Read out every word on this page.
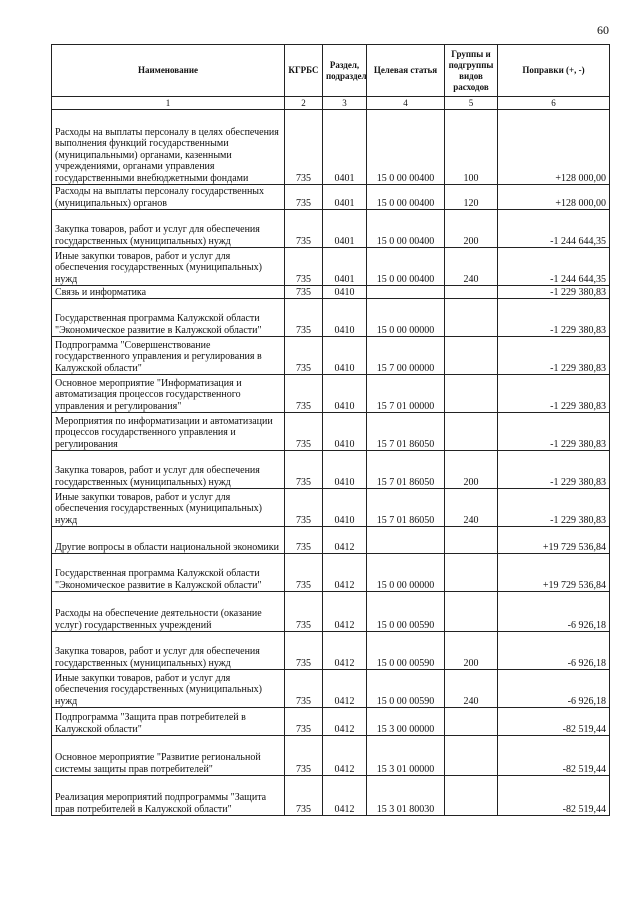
60
Наименование	КГРБС	Раздел, подраздел	Целевая статья	Группы и подгруппы видов расходов	Поправки (+, -)
1	2	3	4	5	6
Расходы на выплаты персоналу в целях обеспечения выполнения функций государственными (муниципальными) органами, казенными учреждениями, органами управления государственными внебюджетными фондами	735	0401	15 0 00 00400	100	+128 000,00
Расходы на выплаты персоналу государственных (муниципальных) органов	735	0401	15 0 00 00400	120	+128 000,00
Закупка товаров, работ и услуг для обеспечения государственных (муниципальных) нужд	735	0401	15 0 00 00400	200	-1 244 644,35
Иные закупки товаров, работ и услуг для обеспечения государственных (муниципальных) нужд	735	0401	15 0 00 00400	240	-1 244 644,35
Связь и информатика	735	0410			-1 229 380,83
Государственная программа Калужской области "Экономическое развитие в Калужской области"	735	0410	15 0 00 00000		-1 229 380,83
Подпрограмма "Совершенствование государственного управления и регулирования в Калужской области"	735	0410	15 7 00 00000		-1 229 380,83
Основное мероприятие "Информатизация и автоматизация процессов государственного управления и регулирования"	735	0410	15 7 01 00000		-1 229 380,83
Мероприятия по информатизации и автоматизации процессов государственного управления и регулирования	735	0410	15 7 01 86050		-1 229 380,83
Закупка товаров, работ и услуг для обеспечения государственных (муниципальных) нужд	735	0410	15 7 01 86050	200	-1 229 380,83
Иные закупки товаров, работ и услуг для обеспечения государственных (муниципальных) нужд	735	0410	15 7 01 86050	240	-1 229 380,83
Другие вопросы в области национальной экономики	735	0412			+19 729 536,84
Государственная программа Калужской области "Экономическое развитие в Калужской области"	735	0412	15 0 00 00000		+19 729 536,84
Расходы на обеспечение деятельности (оказание услуг) государственных учреждений	735	0412	15 0 00 00590		-6 926,18
Закупка товаров, работ и услуг для обеспечения государственных (муниципальных) нужд	735	0412	15 0 00 00590	200	-6 926,18
Иные закупки товаров, работ и услуг для обеспечения государственных (муниципальных) нужд	735	0412	15 0 00 00590	240	-6 926,18
Подпрограмма "Защита прав потребителей в Калужской области"	735	0412	15 3 00 00000		-82 519,44
Основное мероприятие "Развитие региональной системы защиты прав потребителей"	735	0412	15 3 01 00000		-82 519,44
Реализация мероприятий подпрограммы "Защита прав потребителей в Калужской области"	735	0412	15 3 01 80030		-82 519,44
